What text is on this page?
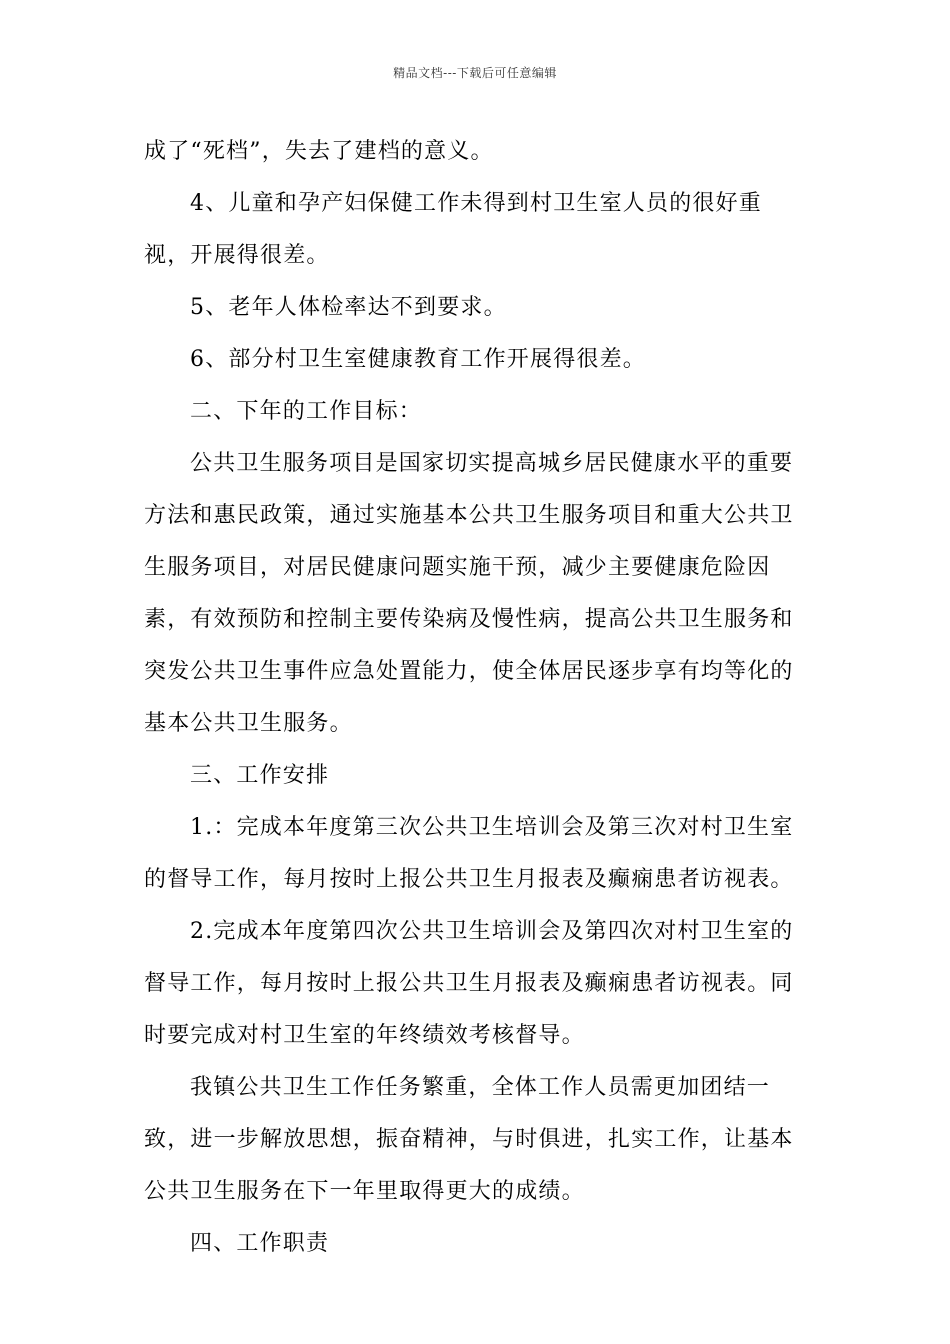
精品文档---下载后可任意编辑

成了“死档”，失去了建档的意义。

4、儿童和孕产妇保健工作未得到村卫生室人员的很好重视，开展得很差。

5、老年人体检率达不到要求。

6、部分村卫生室健康教育工作开展得很差。

二、下年的工作目标：

公共卫生服务项目是国家切实提高城乡居民健康水平的重要方法和惠民政策，通过实施基本公共卫生服务项目和重大公共卫生服务项目，对居民健康问题实施干预，减少主要健康危险因素，有效预防和控制主要传染病及慢性病，提高公共卫生服务和突发公共卫生事件应急处置能力，使全体居民逐步享有均等化的基本公共卫生服务。

三、工作安排

1.：完成本年度第三次公共卫生培训会及第三次对村卫生室的督导工作，每月按时上报公共卫生月报表及癫痫患者访视表。

2.完成本年度第四次公共卫生培训会及第四次对村卫生室的督导工作，每月按时上报公共卫生月报表及癫痫患者访视表。同时要完成对村卫生室的年终绩效考核督导。

我镇公共卫生工作任务繁重，全体工作人员需更加团结一致，进一步解放思想，振奋精神，与时俱进，扎实工作，让基本公共卫生服务在下一年里取得更大的成绩。

四、工作职责
